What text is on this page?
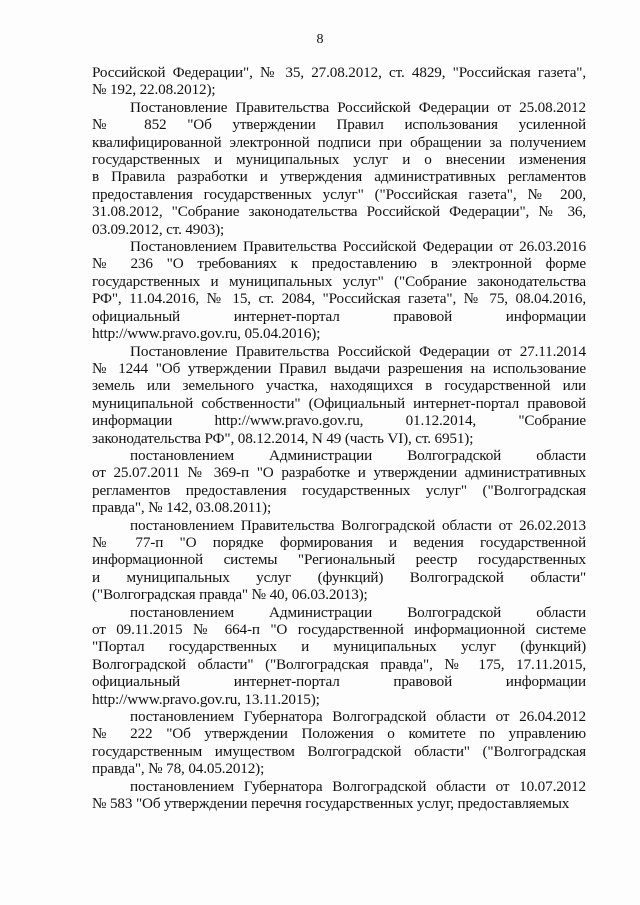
8
Российской Федерации", № 35, 27.08.2012, ст. 4829, "Российская газета",
№ 192, 22.08.2012);
Постановление Правительства Российской Федерации от 25.08.2012
№ 852 "Об утверждении Правил использования усиленной
квалифицированной электронной подписи при обращении за получением
государственных и муниципальных услуг и о внесении изменения
в Правила разработки и утверждения административных регламентов
предоставления государственных услуг" ("Российская газета", № 200,
31.08.2012, "Собрание законодательства Российской Федерации", № 36,
03.09.2012, ст. 4903);
Постановлением Правительства Российской Федерации от 26.03.2016
№ 236 "О требованиях к предоставлению в электронной форме
государственных и муниципальных услуг" ("Собрание законодательства
РФ", 11.04.2016, № 15, ст. 2084, "Российская газета", № 75, 08.04.2016,
официальный интернет-портал правовой информации
http://www.pravo.gov.ru, 05.04.2016);
Постановление Правительства Российской Федерации от 27.11.2014
№ 1244 "Об утверждении Правил выдачи разрешения на использование
земель или земельного участка, находящихся в государственной или
муниципальной собственности" (Официальный интернет-портал правовой
информации http://www.pravo.gov.ru, 01.12.2014, "Собрание
законодательства РФ", 08.12.2014, N 49 (часть VI), ст. 6951);
постановлением Администрации Волгоградской области
от 25.07.2011 № 369-п "О разработке и утверждении административных
регламентов предоставления государственных услуг" ("Волгоградская
правда", № 142, 03.08.2011);
постановлением Правительства Волгоградской области от 26.02.2013
№ 77-п "О порядке формирования и ведения государственной
информационной системы "Региональный реестр государственных
и муниципальных услуг (функций) Волгоградской области"
("Волгоградская правда" № 40, 06.03.2013);
постановлением Администрации Волгоградской области
от 09.11.2015 № 664-п "О государственной информационной системе
"Портал государственных и муниципальных услуг (функций)
Волгоградской области" ("Волгоградская правда", № 175, 17.11.2015,
официальный интернет-портал правовой информации
http://www.pravo.gov.ru, 13.11.2015);
постановлением Губернатора Волгоградской области от 26.04.2012
№ 222 "Об утверждении Положения о комитете по управлению
государственным имуществом Волгоградской области" ("Волгоградская
правда", № 78, 04.05.2012);
постановлением Губернатора Волгоградской области от 10.07.2012
№ 583 "Об утверждении перечня государственных услуг, предоставляемых
